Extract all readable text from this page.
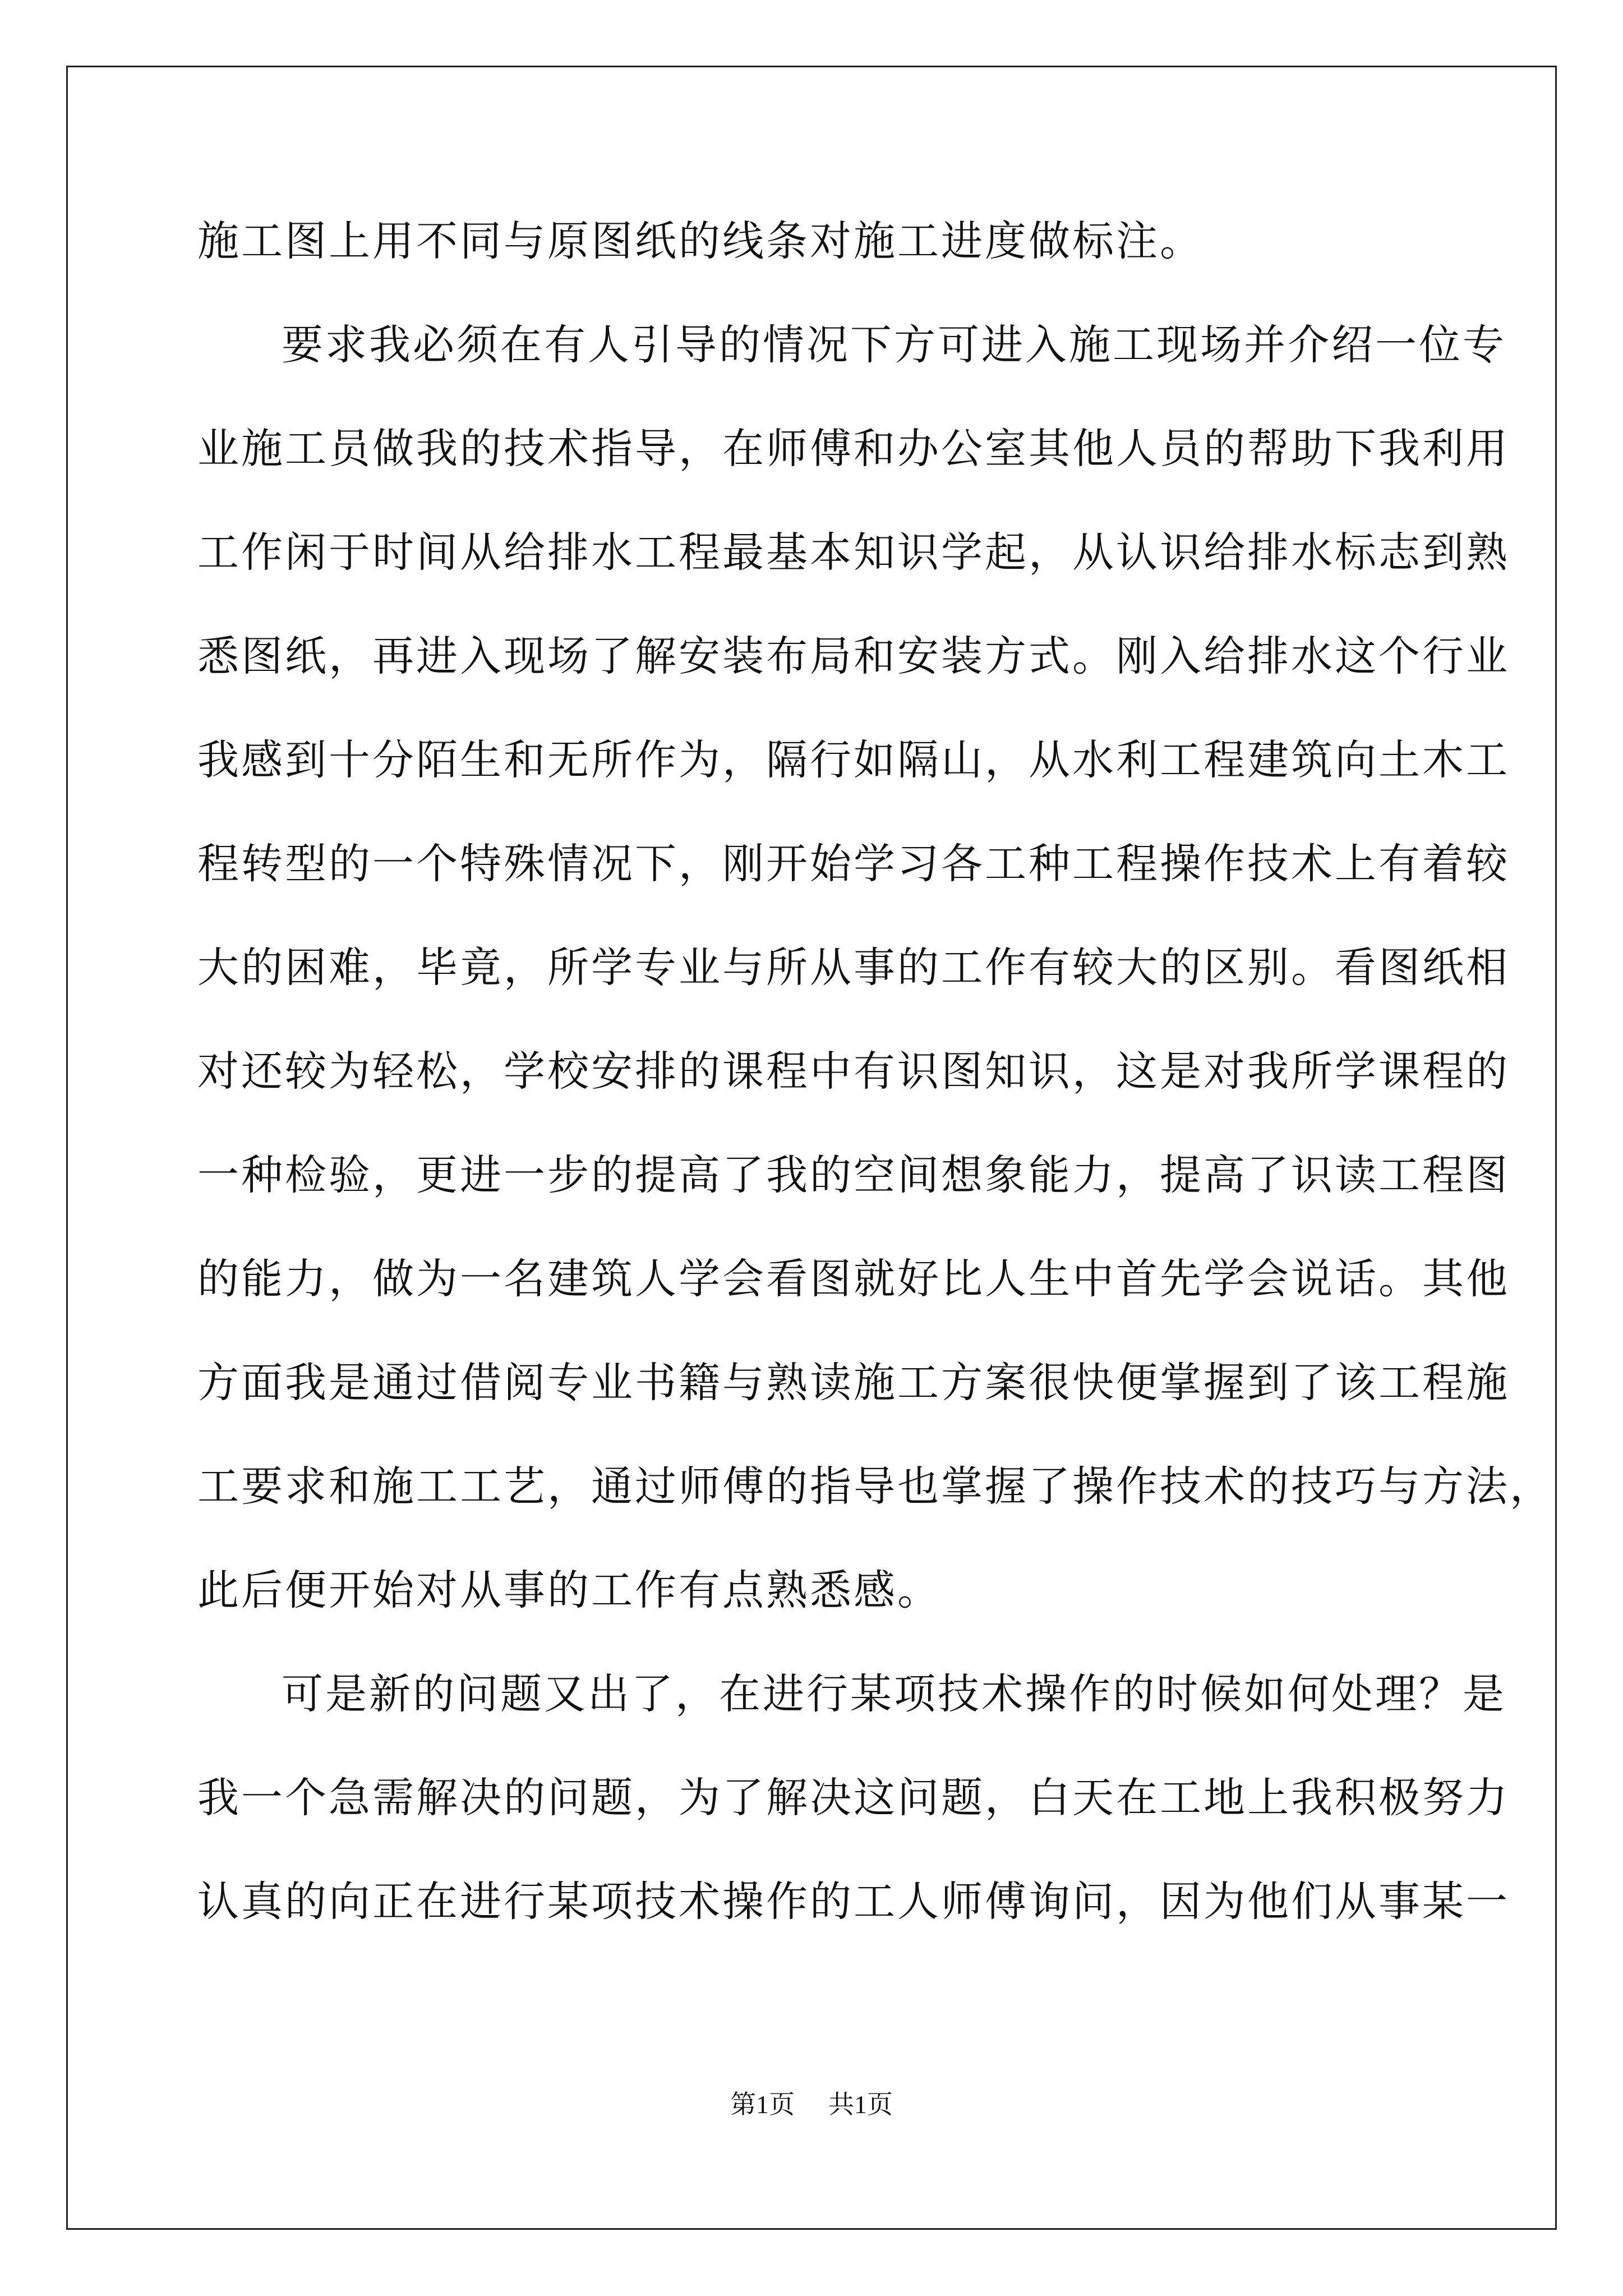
施工图上用不同与原图纸的线条对施工进度做标注。
要求我必须在有人引导的情况下方可进入施工现场并介绍一位专
业施工员做我的技术指导，在师傅和办公室其他人员的帮助下我利用
工作闲于时间从给排水工程最基本知识学起，从认识给排水标志到熟
悉图纸，再进入现场了解安装布局和安装方式。刚入给排水这个行业
我感到十分陌生和无所作为，隔行如隔山，从水利工程建筑向土木工
程转型的一个特殊情况下，刚开始学习各工种工程操作技术上有着较
大的困难，毕竟，所学专业与所从事的工作有较大的区别。看图纸相
对还较为轻松，学校安排的课程中有识图知识，这是对我所学课程的
一种检验，更进一步的提高了我的空间想象能力，提高了识读工程图
的能力，做为一名建筑人学会看图就好比人生中首先学会说话。其他
方面我是通过借阅专业书籍与熟读施工方案很快便掌握到了该工程施
工要求和施工工艺，通过师傅的指导也掌握了操作技术的技巧与方法，
此后便开始对从事的工作有点熟悉感。
可是新的问题又出了，在进行某项技术操作的时候如何处理？是
我一个急需解决的问题，为了解决这问题，白天在工地上我积极努力
认真的向正在进行某项技术操作的工人师傅询问，因为他们从事某一
第1页 共1页
